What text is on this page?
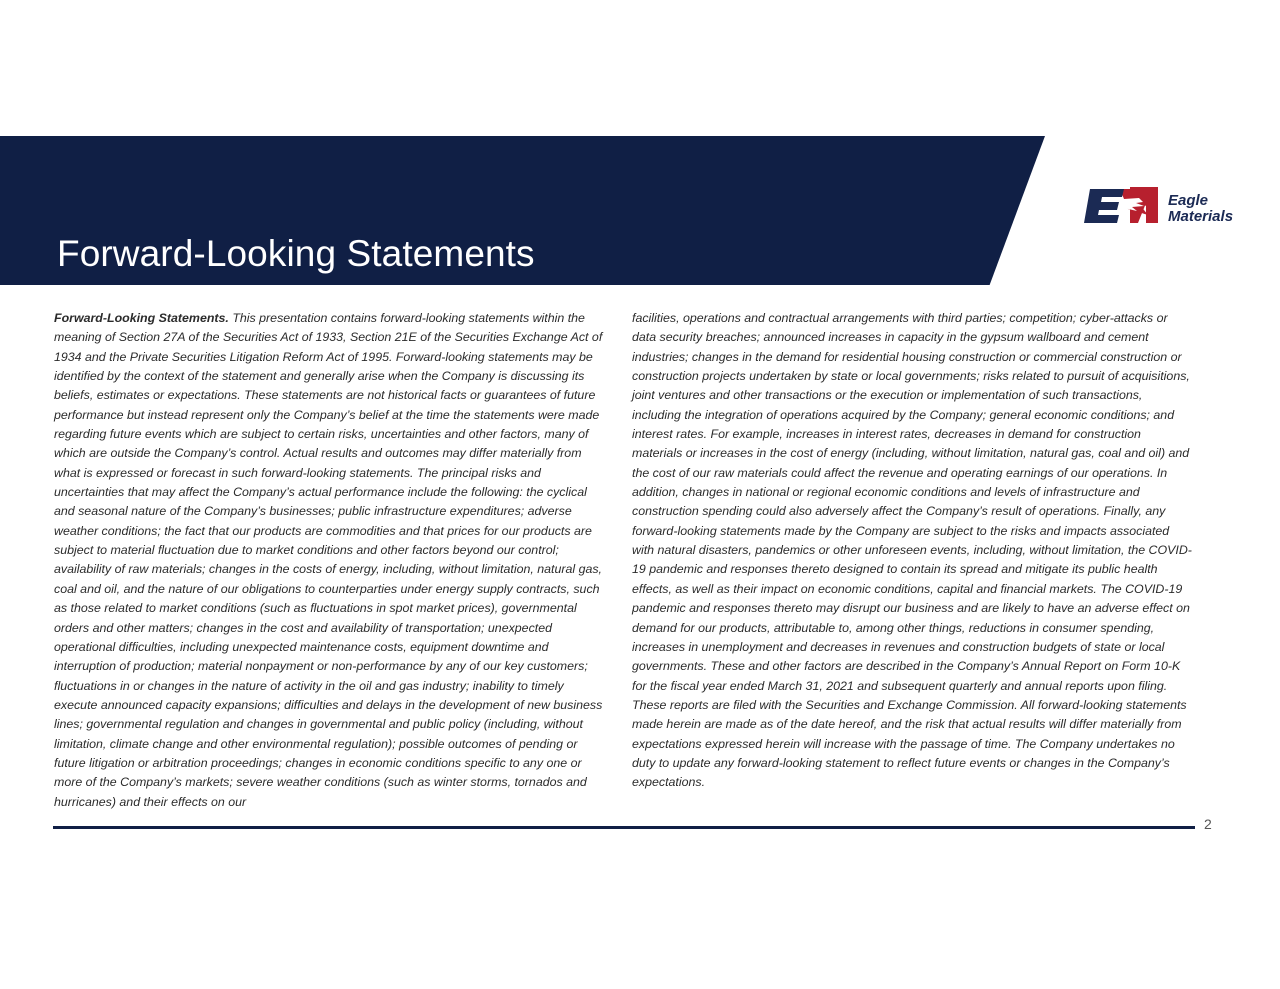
Forward-Looking Statements
Eagle
Materials

Forward-Looking Statements. This presentation contains forward-looking statements within the meaning of Section 27A of the Securities Act of 1933, Section 21E of the Securities Exchange Act of 1934 and the Private Securities Litigation Reform Act of 1995. Forward-looking statements may be identified by the context of the statement and generally arise when the Company is discussing its beliefs, estimates or expectations. These statements are not historical facts or guarantees of future performance but instead represent only the Company’s belief at the time the statements were made regarding future events which are subject to certain risks, uncertainties and other factors, many of which are outside the Company’s control. Actual results and outcomes may differ materially from what is expressed or forecast in such forward-looking statements. The principal risks and uncertainties that may affect the Company’s actual performance include the following: the cyclical and seasonal nature of the Company’s businesses; public infrastructure expenditures; adverse weather conditions; the fact that our products are commodities and that prices for our products are subject to material fluctuation due to market conditions and other factors beyond our control; availability of raw materials; changes in the costs of energy, including, without limitation, natural gas, coal and oil, and the nature of our obligations to counterparties under energy supply contracts, such as those related to market conditions (such as fluctuations in spot market prices), governmental orders and other matters; changes in the cost and availability of transportation; unexpected operational difficulties, including unexpected maintenance costs, equipment downtime and interruption of production; material nonpayment or non-performance by any of our key customers; fluctuations in or changes in the nature of activity in the oil and gas industry; inability to timely execute announced capacity expansions; difficulties and delays in the development of new business lines; governmental regulation and changes in governmental and public policy (including, without limitation, climate change and other environmental regulation); possible outcomes of pending or future litigation or arbitration proceedings; changes in economic conditions specific to any one or more of the Company’s markets; severe weather conditions (such as winter storms, tornados and hurricanes) and their effects on our

facilities, operations and contractual arrangements with third parties; competition; cyber-attacks or data security breaches; announced increases in capacity in the gypsum wallboard and cement industries; changes in the demand for residential housing construction or commercial construction or construction projects undertaken by state or local governments; risks related to pursuit of acquisitions, joint ventures and other transactions or the execution or implementation of such transactions, including the integration of operations acquired by the Company; general economic conditions; and interest rates. For example, increases in interest rates, decreases in demand for construction materials or increases in the cost of energy (including, without limitation, natural gas, coal and oil) and the cost of our raw materials could affect the revenue and operating earnings of our operations. In addition, changes in national or regional economic conditions and levels of infrastructure and construction spending could also adversely affect the Company’s result of operations. Finally, any forward-looking statements made by the Company are subject to the risks and impacts associated with natural disasters, pandemics or other unforeseen events, including, without limitation, the COVID-19 pandemic and responses thereto designed to contain its spread and mitigate its public health effects, as well as their impact on economic conditions, capital and financial markets. The COVID-19 pandemic and responses thereto may disrupt our business and are likely to have an adverse effect on demand for our products, attributable to, among other things, reductions in consumer spending, increases in unemployment and decreases in revenues and construction budgets of state or local governments. These and other factors are described in the Company’s Annual Report on Form 10-K for the fiscal year ended March 31, 2021 and subsequent quarterly and annual reports upon filing. These reports are filed with the Securities and Exchange Commission. All forward-looking statements made herein are made as of the date hereof, and the risk that actual results will differ materially from expectations expressed herein will increase with the passage of time. The Company undertakes no duty to update any forward-looking statement to reflect future events or changes in the Company’s expectations.

2
